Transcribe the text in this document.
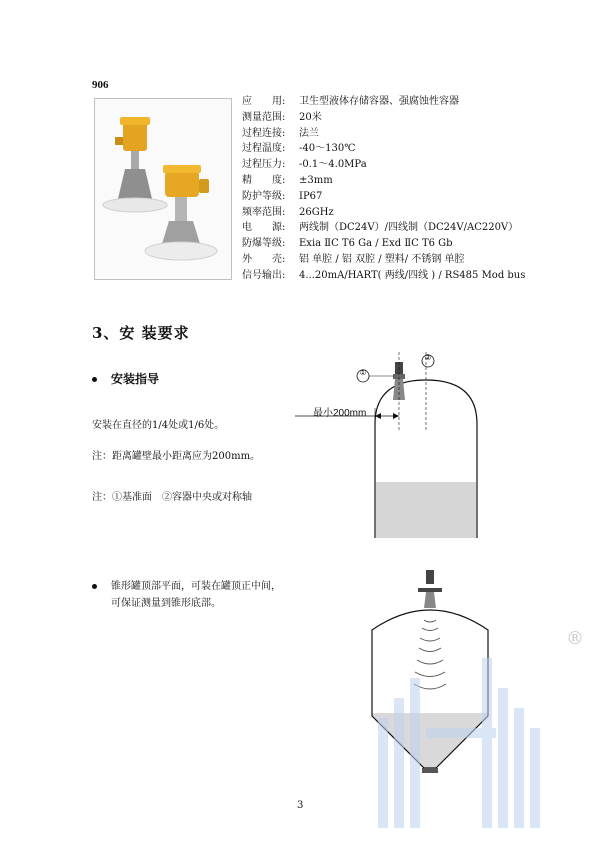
906
应　　用: 卫生型液体存储容器、强腐蚀性容器
测量范围: 20米
过程连接: 法兰
过程温度: -40～130℃
过程压力: -0.1～4.0MPa
精　　度: ±3mm
防护等级: IP67
频率范围: 26GHz
电　　源: 两线制（DC24V）/四线制（DC24V/AC220V）
防爆等级: Exia ⅡC T6 Ga / Exd ⅡC T6 Gb
外　　壳: 铝 单腔 / 铝 双腔 / 塑料/ 不锈钢 单腔
信号输出: 4...20mA/HART( 两线/四线 ) / RS485 Mod bus
3、安 装要求
安装指导
安装在直径的1/4处或1/6处。
注：距离罐壁最小距离应为200mm。
注：①基准面　②容器中央或对称轴
①
②
最小200mm
锥形罐顶部平面，可装在罐顶正中间，
可保证测量到锥形底部。
®
3
